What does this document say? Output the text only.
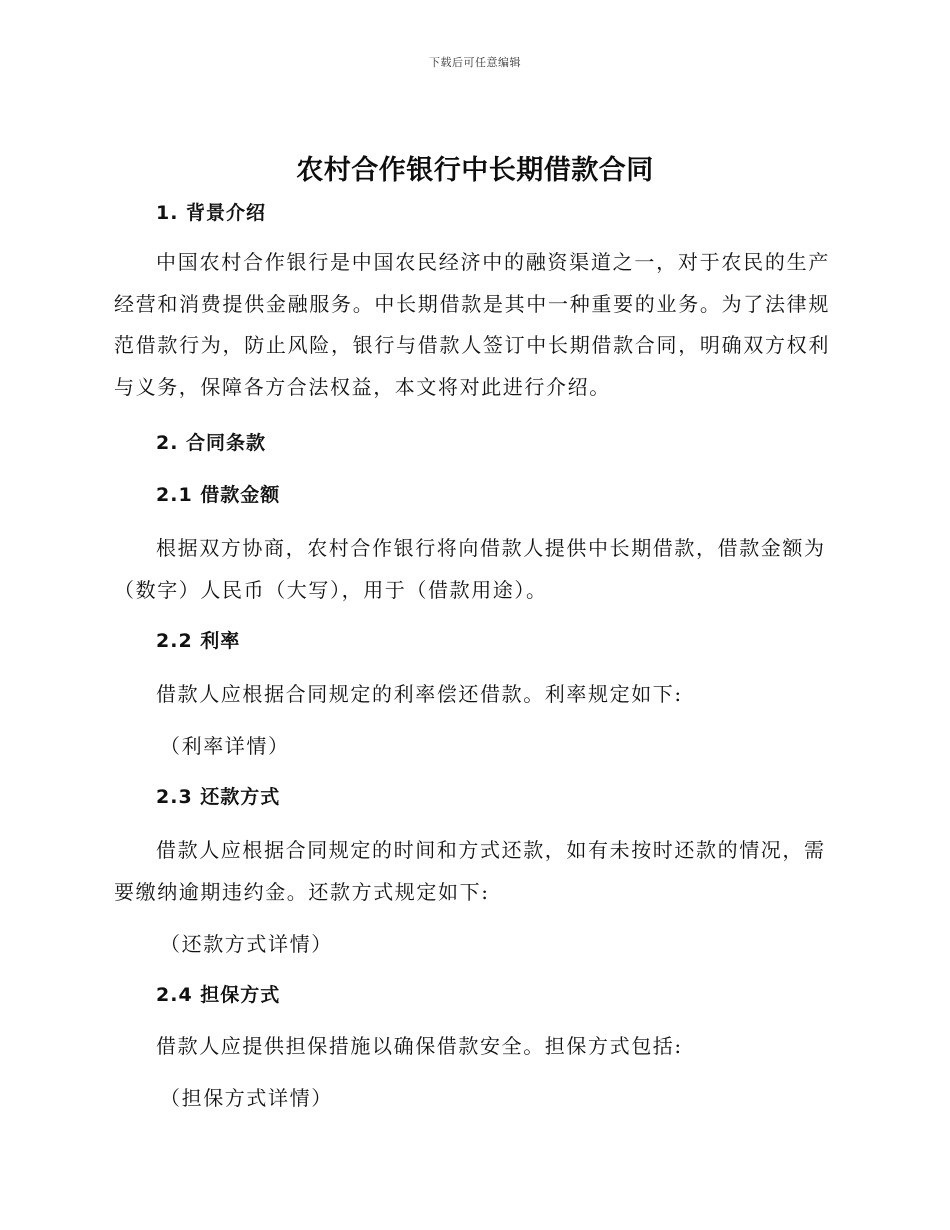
下载后可任意编辑
农村合作银行中长期借款合同
1. 背景介绍

中国农村合作银行是中国农民经济中的融资渠道之一，对于农民的生产经营和消费提供金融服务。中长期借款是其中一种重要的业务。为了法律规范借款行为，防止风险，银行与借款人签订中长期借款合同，明确双方权利与义务，保障各方合法权益，本文将对此进行介绍。

2. 合同条款
2.1 借款金额
根据双方协商，农村合作银行将向借款人提供中长期借款，借款金额为
（数字）人民币（大写），用于（借款用途）。
2.2 利率
借款人应根据合同规定的利率偿还借款。利率规定如下:
（利率详情）
2.3 还款方式
借款人应根据合同规定的时间和方式还款，如有未按时还款的情况，需
要缴纳逾期违约金。还款方式规定如下:
（还款方式详情）
2.4 担保方式
借款人应提供担保措施以确保借款安全。担保方式包括:
（担保方式详情）
